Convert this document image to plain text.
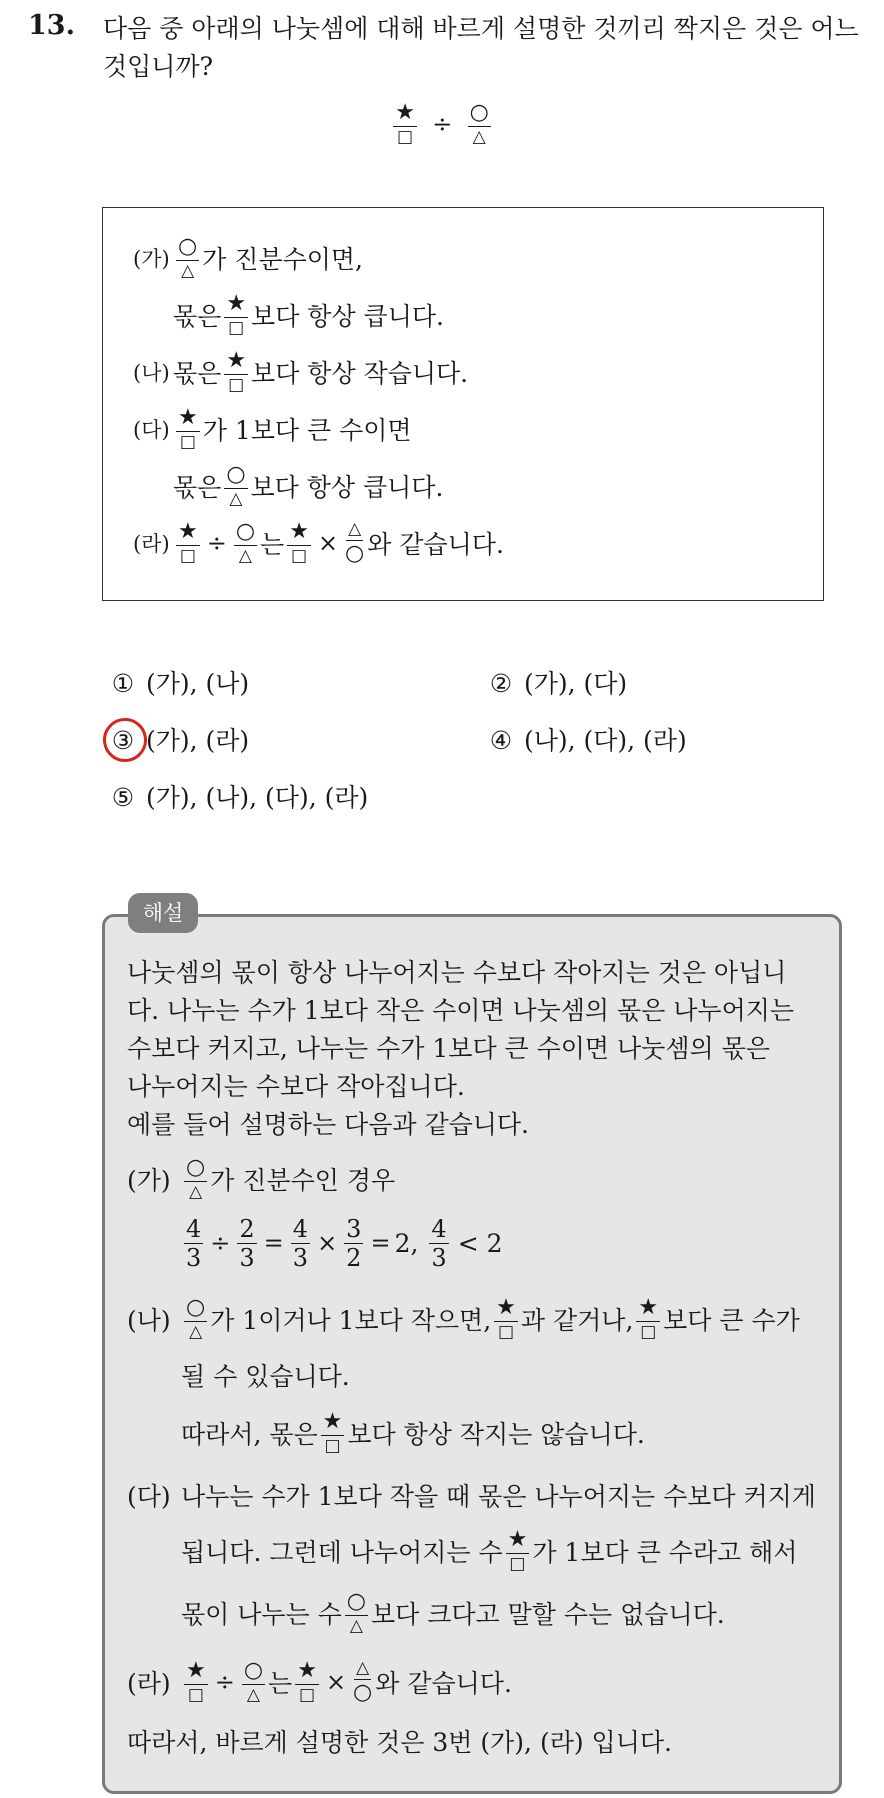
13. 다음 중 아래의 나눗셈에 대해 바르게 설명한 것끼리 짝지은 것은 어느 것입니까?
★
□ ÷ ○
△
(가) ○
△ 가 진분수이면,
몫은 ★
□ 보다 항상 큽니다.
(나) 몫은 ★
□ 보다 항상 작습니다.
(다) ★
□ 가 1보다 큰 수이면
몫은 ○
△ 보다 항상 큽니다.
(라) ★
□ ÷ ○
△ 는 ★
□ × △
○ 와 같습니다.
① (가), (나)	② (가), (다)
③ (가), (라)	④ (나), (다), (라)
⑤ (가), (나), (다), (라)
나눗셈의 몫이 항상 나누어지는 수보다 작아지는 것은 아닙니
다. 나누는 수가 1보다 작은 수이면 나눗셈의 몫은 나누어지는
수보다 커지고, 나누는 수가 1보다 큰 수이면 나눗셈의 몫은
나누어지는 수보다 작아집니다.
예를 들어 설명하는 다음과 같습니다.
(가) ○
△ 가 진분수인 경우
$\frac{4}{3} \div \frac{2}{3} = \frac{4}{3} \times \frac{3}{2} = 2$, $\frac{4}{3} < 2$
(나) ○
△ 가 1이거나 1보다 작으면, ★
□ 과 같거나, ★
□ 보다 큰 수가
될 수 있습니다.
따라서, 몫은 ★
□ 보다 항상 작지는 않습니다.
(다) 나누는 수가 1보다 작을 때 몫은 나누어지는 수보다 커지게
됩니다. 그런데 나누어지는 수 ★
□ 가 1보다 큰 수라고 해서
몫이 나누는 수 ○
△ 보다 크다고 말할 수는 없습니다.
(라) ★
□ ÷ ○
△ 는 ★
□ × △
○ 와 같습니다.
따라서, 바르게 설명한 것은 3번 (가), (라) 입니다.
해설
